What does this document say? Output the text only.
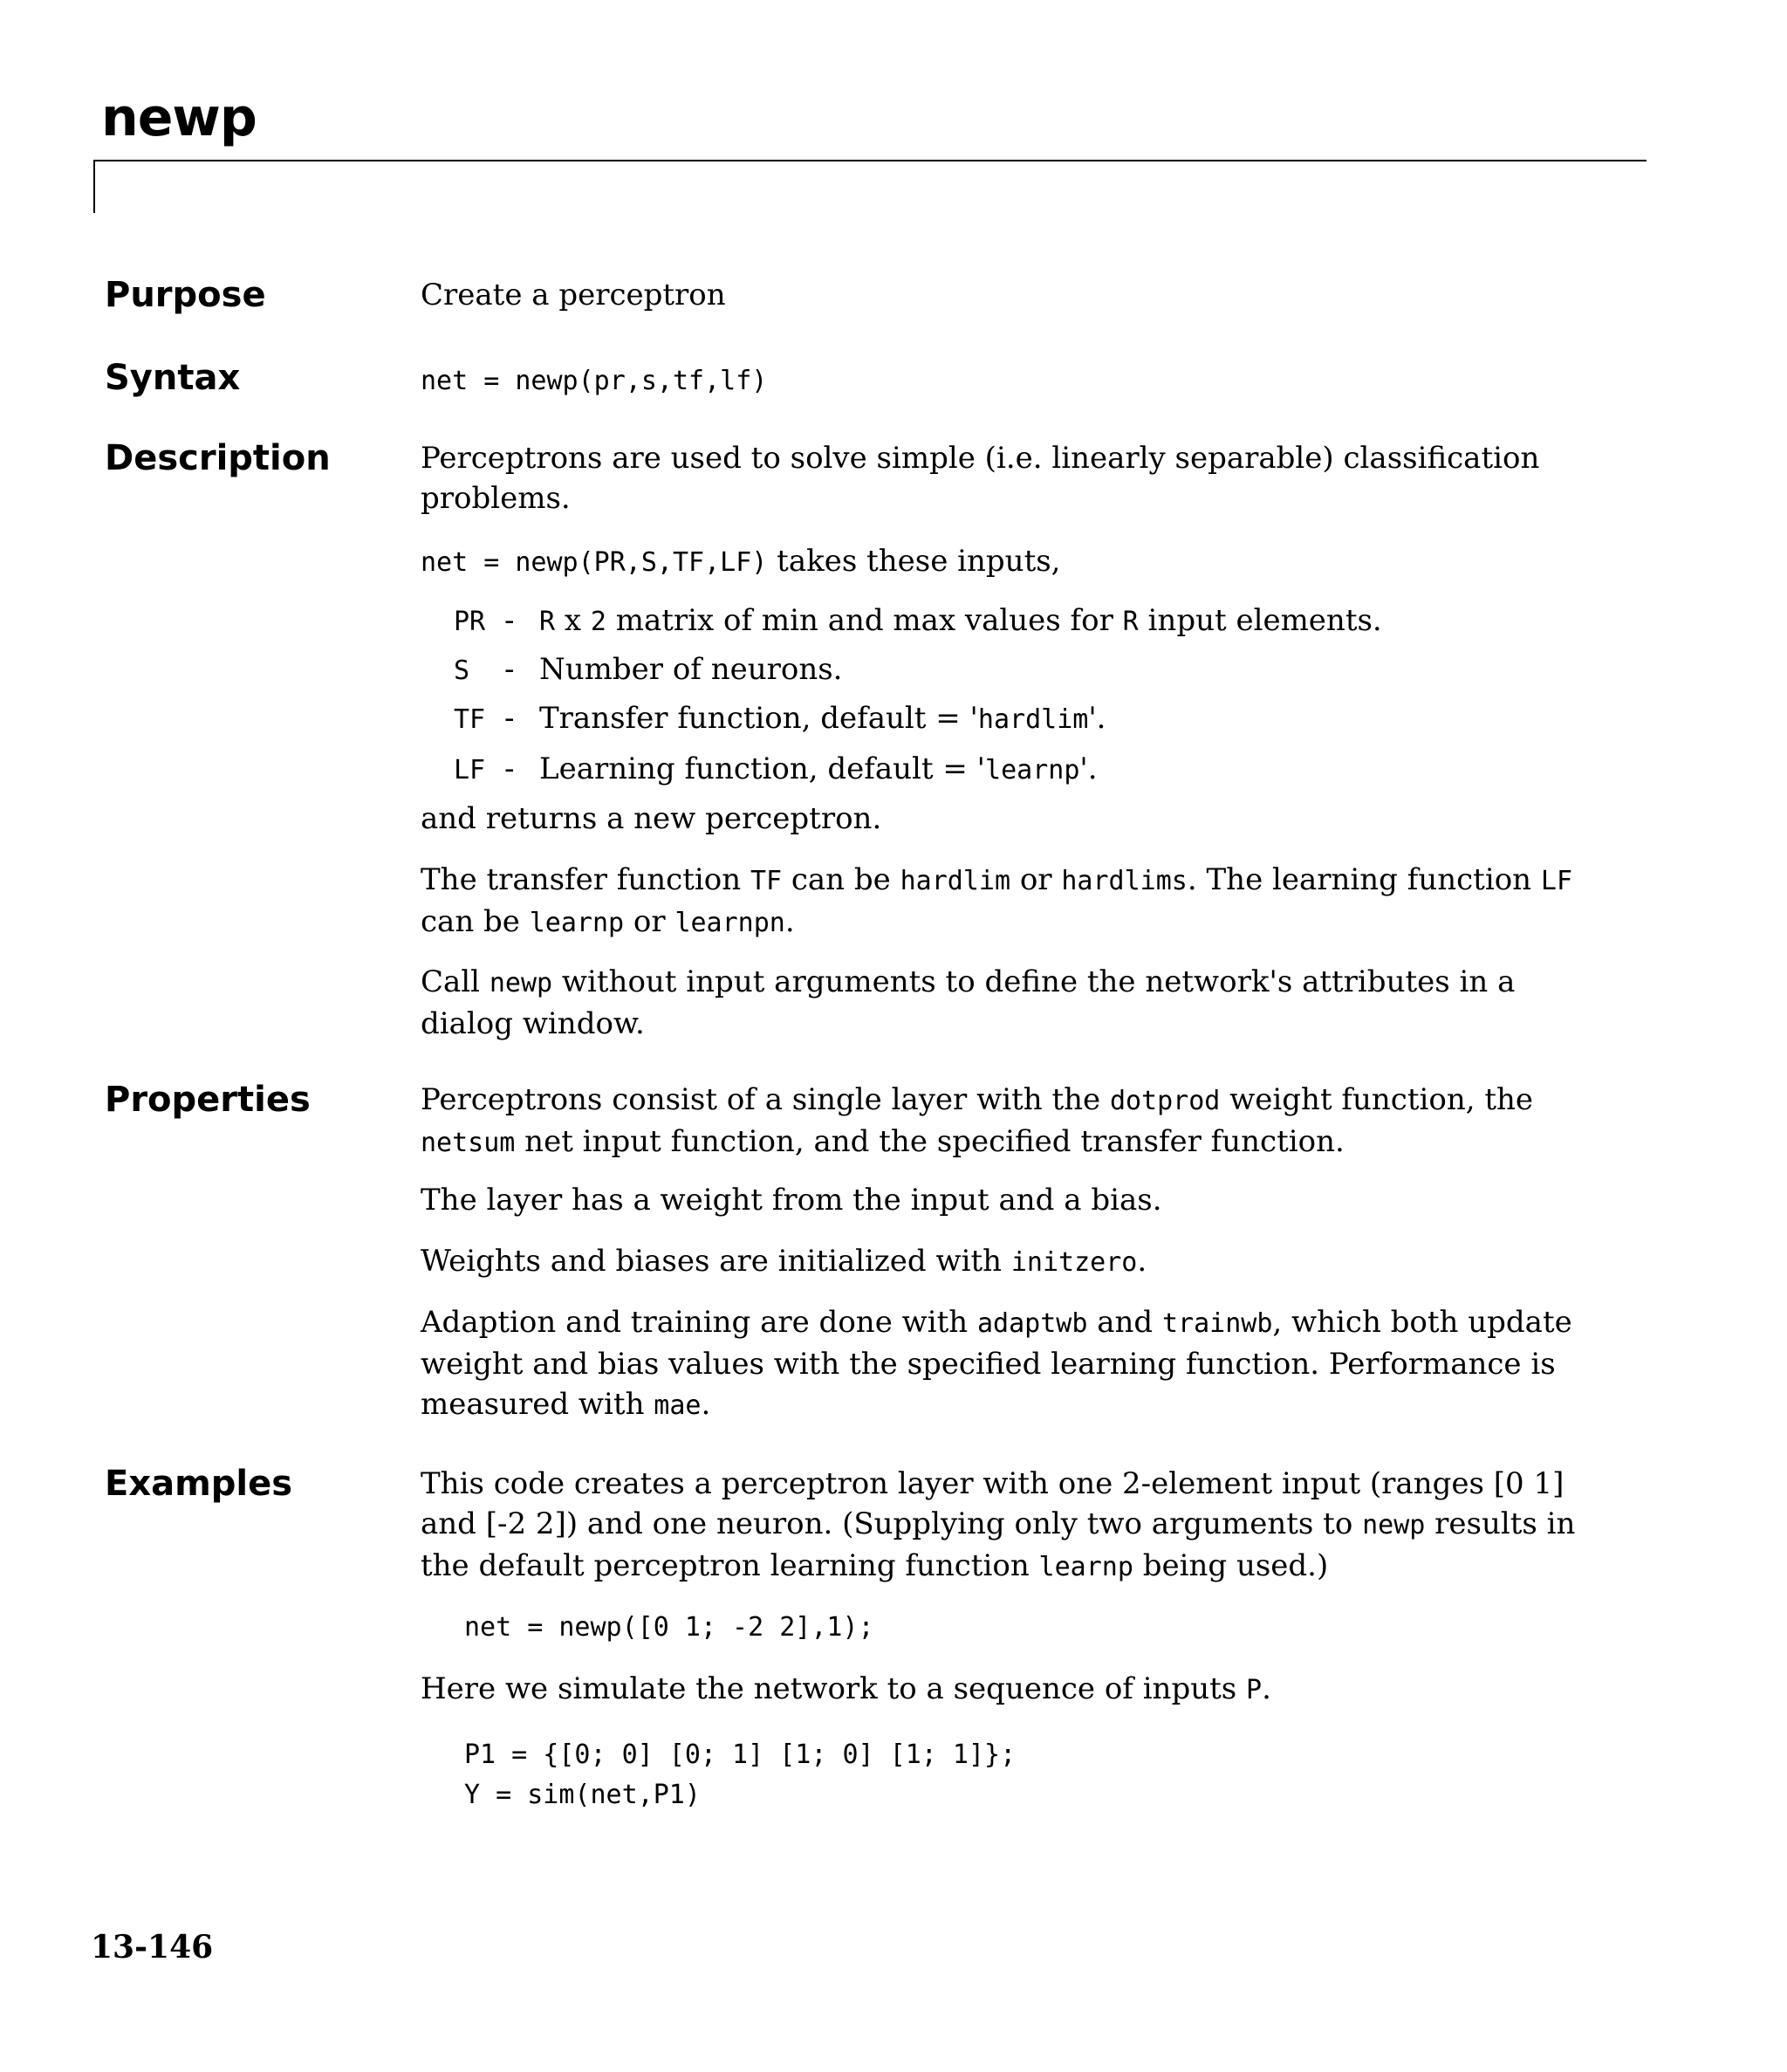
newp
Purpose	Create a perceptron
Syntax	net = newp(pr,s,tf,lf)
Description	Perceptrons are used to solve simple (i.e. linearly separable) classification problems.
net = newp(PR,S,TF,LF) takes these inputs,
PR - R x 2 matrix of min and max values for R input elements.
S - Number of neurons.
TF - Transfer function, default = 'hardlim'.
LF - Learning function, default = 'learnp'.
and returns a new perceptron.
The transfer function TF can be hardlim or hardlims. The learning function LF can be learnp or learnpn.
Call newp without input arguments to define the network's attributes in a dialog window.
Properties	Perceptrons consist of a single layer with the dotprod weight function, the netsum net input function, and the specified transfer function.
The layer has a weight from the input and a bias.
Weights and biases are initialized with initzero.
Adaption and training are done with adaptwb and trainwb, which both update weight and bias values with the specified learning function. Performance is measured with mae.
Examples	This code creates a perceptron layer with one 2-element input (ranges [0 1] and [-2 2]) and one neuron. (Supplying only two arguments to newp results in the default perceptron learning function learnp being used.)
net = newp([0 1; -2 2],1);
Here we simulate the network to a sequence of inputs P.
P1 = {[0; 0] [0; 1] [1; 0] [1; 1]};
Y = sim(net,P1)
13-146
